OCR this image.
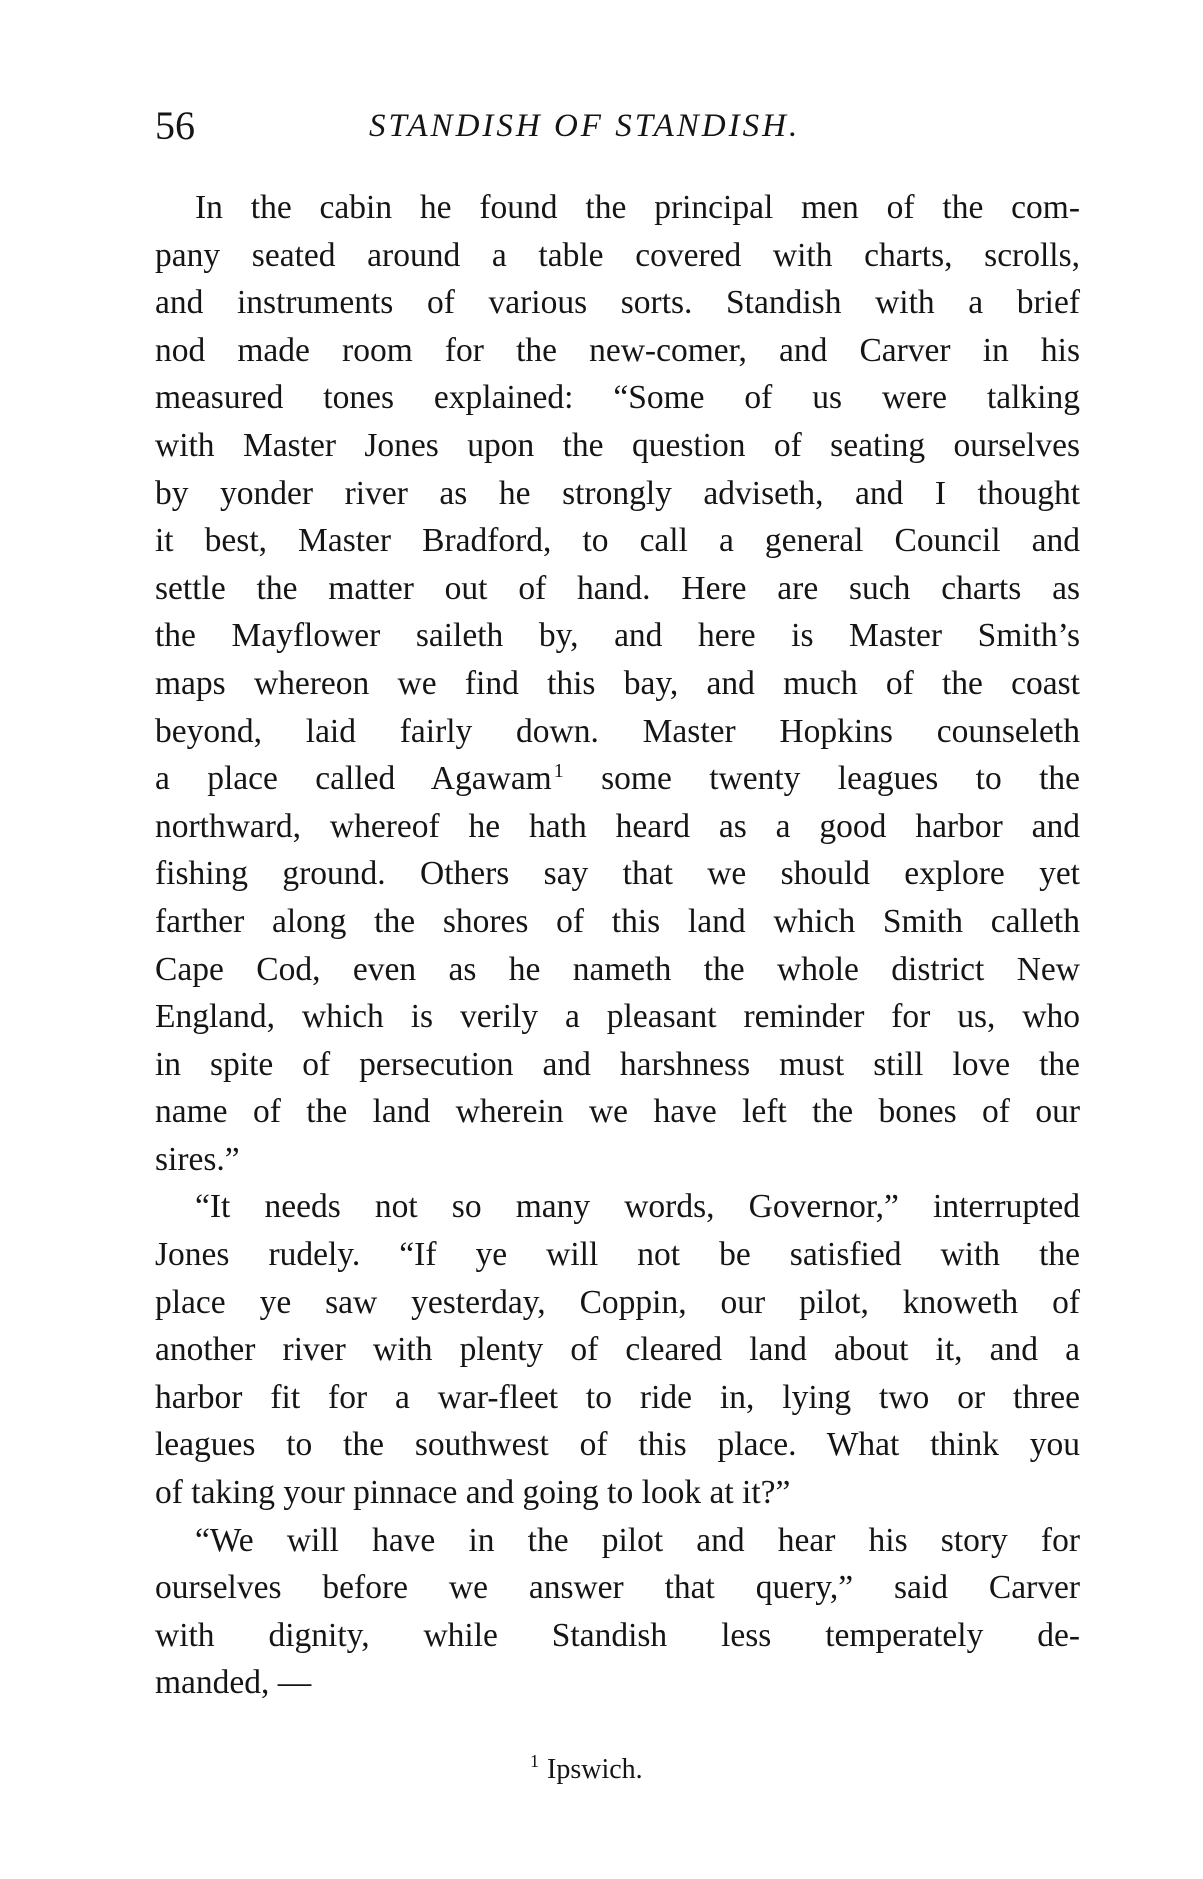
56	STANDISH OF STANDISH.
In the cabin he found the principal men of the com-
pany seated around a table covered with charts, scrolls,
and instruments of various sorts. Standish with a brief
nod made room for the new-comer, and Carver in his
measured tones explained: “Some of us were talking
with Master Jones upon the question of seating ourselves
by yonder river as he strongly adviseth, and I thought
it best, Master Bradford, to call a general Council and
settle the matter out of hand. Here are such charts as
the Mayflower saileth by, and here is Master Smith’s
maps whereon we find this bay, and much of the coast
beyond, laid fairly down. Master Hopkins counseleth
a place called Agawam $^1$ some twenty leagues to the
northward, whereof he hath heard as a good harbor and
fishing ground. Others say that we should explore yet
farther along the shores of this land which Smith calleth
Cape Cod, even as he nameth the whole district New
England, which is verily a pleasant reminder for us, who
in spite of persecution and harshness must still love the
name of the land wherein we have left the bones of our
sires.”
“It needs not so many words, Governor,” interrupted
Jones rudely. “If ye will not be satisfied with the
place ye saw yesterday, Coppin, our pilot, knoweth of
another river with plenty of cleared land about it, and a
harbor fit for a war-fleet to ride in, lying two or three
leagues to the southwest of this place. What think you
of taking your pinnace and going to look at it?”
“We will have in the pilot and hear his story for
ourselves before we answer that query,” said Carver
with dignity, while Standish less temperately de-
manded, —
$^1$ Ipswich.
